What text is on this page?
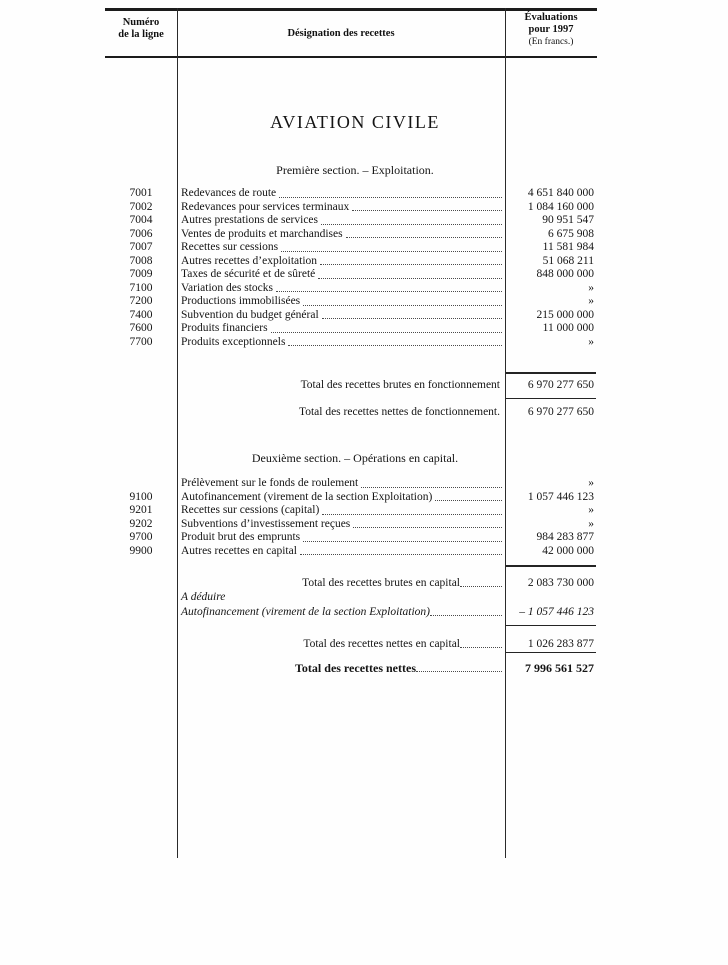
Numéro
de la ligne	Désignation des recettes
Évaluations
pour 1997
(En francs.)
AVIATION CIVILE
Première section. – Exploitation.
7001	Redevances de route	4 651 840 000
7002	Redevances pour services terminaux	1 084 160 000
7004	Autres prestations de services	90 951 547
7006	Ventes de produits et marchandises	6 675 908
7007	Recettes sur cessions	11 581 984
7008	Autres recettes d’exploitation	51 068 211
7009	Taxes de sécurité et de sûreté	848 000 000
7100	Variation des stocks	»
7200	Productions immobilisées	»
7400	Subvention du budget général	215 000 000
7600	Produits financiers	11 000 000
7700	Produits exceptionnels	»
Total des recettes brutes en fonctionnement	6 970 277 650
Total des recettes nettes de fonctionnement.	6 970 277 650
Deuxième section. – Opérations en capital.
Prélèvement sur le fonds de roulement	»
9100	Autofinancement (virement de la section Exploitation)	1 057 446 123
9201	Recettes sur cessions (capital)	»
9202	Subventions d’investissement reçues	»
9700	Produit brut des emprunts	984 283 877
9900	Autres recettes en capital	42 000 000
Total des recettes brutes en capital	2 083 730 000
A déduire
Autofinancement (virement de la section Exploitation)	– 1 057 446 123
Total des recettes nettes en capital	1 026 283 877
Total des recettes nettes	7 996 561 527
